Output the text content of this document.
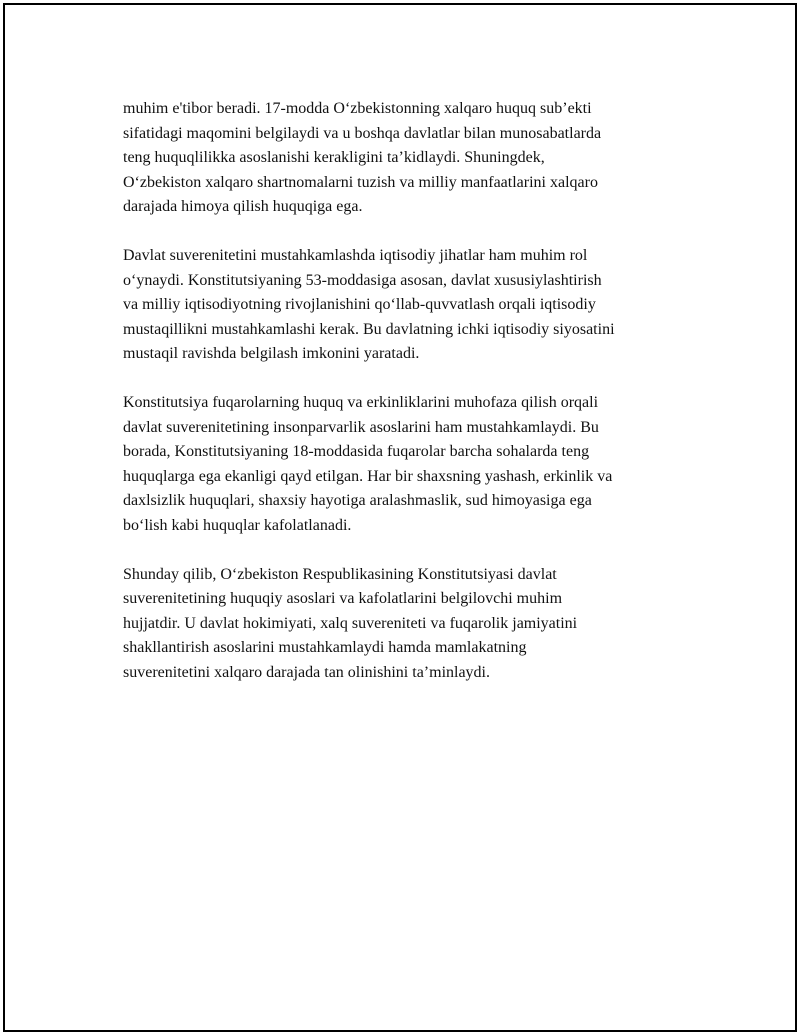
muhim e'tibor beradi. 17-modda O‘zbekistonning xalqaro huquq sub’ekti
sifatidagi maqomini belgilaydi va u boshqa davlatlar bilan munosabatlarda
teng huquqlilikka asoslanishi kerakligini ta’kidlaydi. Shuningdek,
O‘zbekiston xalqaro shartnomalarni tuzish va milliy manfaatlarini xalqaro
darajada himoya qilish huquqiga ega.

Davlat suverenitetini mustahkamlashda iqtisodiy jihatlar ham muhim rol
o‘ynaydi. Konstitutsiyaning 53-moddasiga asosan, davlat xususiylashtirish
va milliy iqtisodiyotning rivojlanishini qo‘llab-quvvatlash orqali iqtisodiy
mustaqillikni mustahkamlashi kerak. Bu davlatning ichki iqtisodiy siyosatini
mustaqil ravishda belgilash imkonini yaratadi.

Konstitutsiya fuqarolarning huquq va erkinliklarini muhofaza qilish orqali
davlat suverenitetining insonparvarlik asoslarini ham mustahkamlaydi. Bu
borada, Konstitutsiyaning 18-moddasida fuqarolar barcha sohalarda teng
huquqlarga ega ekanligi qayd etilgan. Har bir shaxsning yashash, erkinlik va
daxlsizlik huquqlari, shaxsiy hayotiga aralashmaslik, sud himoyasiga ega
bo‘lish kabi huquqlar kafolatlanadi.

Shunday qilib, O‘zbekiston Respublikasining Konstitutsiyasi davlat
suverenitetining huquqiy asoslari va kafolatlarini belgilovchi muhim
hujjatdir. U davlat hokimiyati, xalq suvereniteti va fuqarolik jamiyatini
shakllantirish asoslarini mustahkamlaydi hamda mamlakatning
suverenitetini xalqaro darajada tan olinishini ta’minlaydi.
